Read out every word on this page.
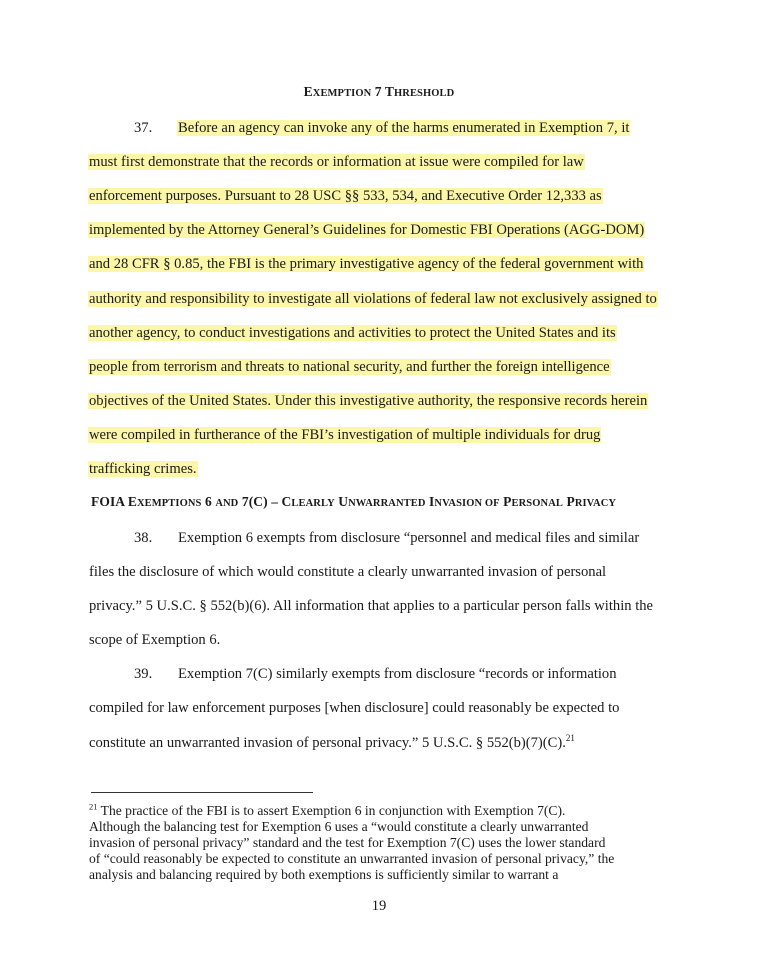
EXEMPTION 7 THRESHOLD
37. Before an agency can invoke any of the harms enumerated in Exemption 7, it
must first demonstrate that the records or information at issue were compiled for law
enforcement purposes. Pursuant to 28 USC §§ 533, 534, and Executive Order 12,333 as
implemented by the Attorney General’s Guidelines for Domestic FBI Operations (AGG-DOM)
and 28 CFR § 0.85, the FBI is the primary investigative agency of the federal government with
authority and responsibility to investigate all violations of federal law not exclusively assigned to
another agency, to conduct investigations and activities to protect the United States and its
people from terrorism and threats to national security, and further the foreign intelligence
objectives of the United States. Under this investigative authority, the responsive records herein
were compiled in furtherance of the FBI’s investigation of multiple individuals for drug
trafficking crimes.
FOIA EXEMPTIONS 6 AND 7(C) – CLEARLY UNWARRANTED INVASION OF PERSONAL PRIVACY
38. Exemption 6 exempts from disclosure “personnel and medical files and similar
files the disclosure of which would constitute a clearly unwarranted invasion of personal
privacy.” 5 U.S.C. § 552(b)(6). All information that applies to a particular person falls within the
scope of Exemption 6.
39. Exemption 7(C) similarly exempts from disclosure “records or information
compiled for law enforcement purposes [when disclosure] could reasonably be expected to
constitute an unwarranted invasion of personal privacy.” 5 U.S.C. § 552(b)(7)(C).$^{21}$
$^{21}$ The practice of the FBI is to assert Exemption 6 in conjunction with Exemption 7(C).
Although the balancing test for Exemption 6 uses a “would constitute a clearly unwarranted
invasion of personal privacy” standard and the test for Exemption 7(C) uses the lower standard
of “could reasonably be expected to constitute an unwarranted invasion of personal privacy,” the
analysis and balancing required by both exemptions is sufficiently similar to warrant a
19
